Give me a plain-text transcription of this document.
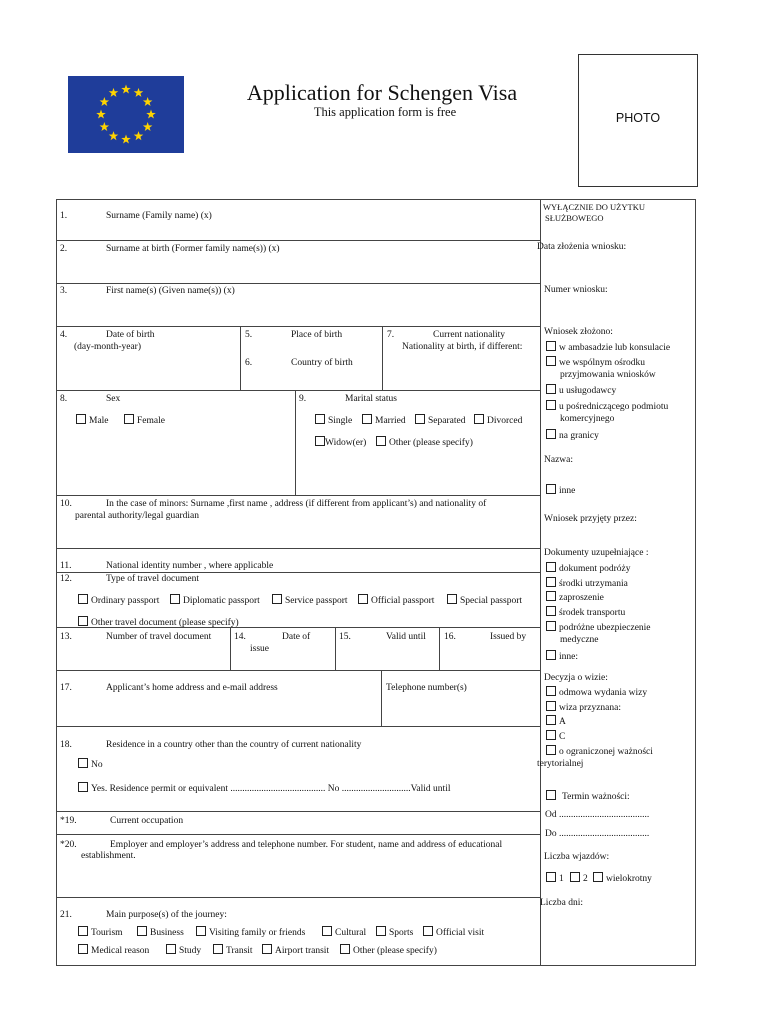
Application for Schengen Visa
This application form is free	PHOTO
1.	Surname (Family name) (x)
2.	Surname at birth (Former family name(s)) (x)
3.	First name(s) (Given name(s)) (x)
4.	Date of birth
(day-month-year)
5.	Place of birth
6.	Country of birth
7.	Current nationality
Nationality at birth, if different:
8.	Sex
Male	Female
9.	Marital status
Single	Married	Separated	Divorced
Widow(er)	Other (please specify)
10.	In the case of minors: Surname ,first name , address (if different from applicant’s) and nationality of
parental authority/legal guardian
11.	National identity number , where applicable
12.	Type of travel document
Ordinary passport	Diplomatic passport	Service passport	Official passport	Special passport
Other travel document (please specify)
13.	Number of travel document 14.	Date of
issue
15.	Valid until 16.	Issued by
17.	Applicant’s home address and e-mail address	Telephone number(s)
18.	Residence in a country other than the country of current nationality
No
Yes. Residence permit or equivalent ........................................ No .............................Valid until
*19.	Current occupation
*20.	Employer and employer’s address and telephone number. For student, name and address of educational
establishment.
21.	Main purpose(s) of the journey:
Tourism	Business	Visiting family or friends	Cultural	Sports	Official visit
Medical reason	Study	Transit	Airport transit	Other (please specify)
WYŁĄCZNIE DO UŻYTKU
SŁUŻBOWEGO
Data złożenia wniosku:
Numer wniosku:
Wniosek złożono:
w ambasadzie lub konsulacie
we wspólnym ośrodku
przyjmowania wniosków
u usługodawcy
u pośredniczącego podmiotu
komercyjnego
na granicy
Nazwa:
inne
Wniosek przyjęty przez:
Dokumenty uzupełniające :
dokument podróży
środki utrzymania
zaproszenie
środek transportu
podróżne ubezpieczenie
medyczne
inne:
Decyzja o wizie:
odmowa wydania wizy
wiza przyznana:
A
C
o ograniczonej ważności
terytorialnej
Termin ważności:
Od ......................................
Do ......................................
Liczba wjazdów:
1	2	wielokrotny
Liczba dni:
